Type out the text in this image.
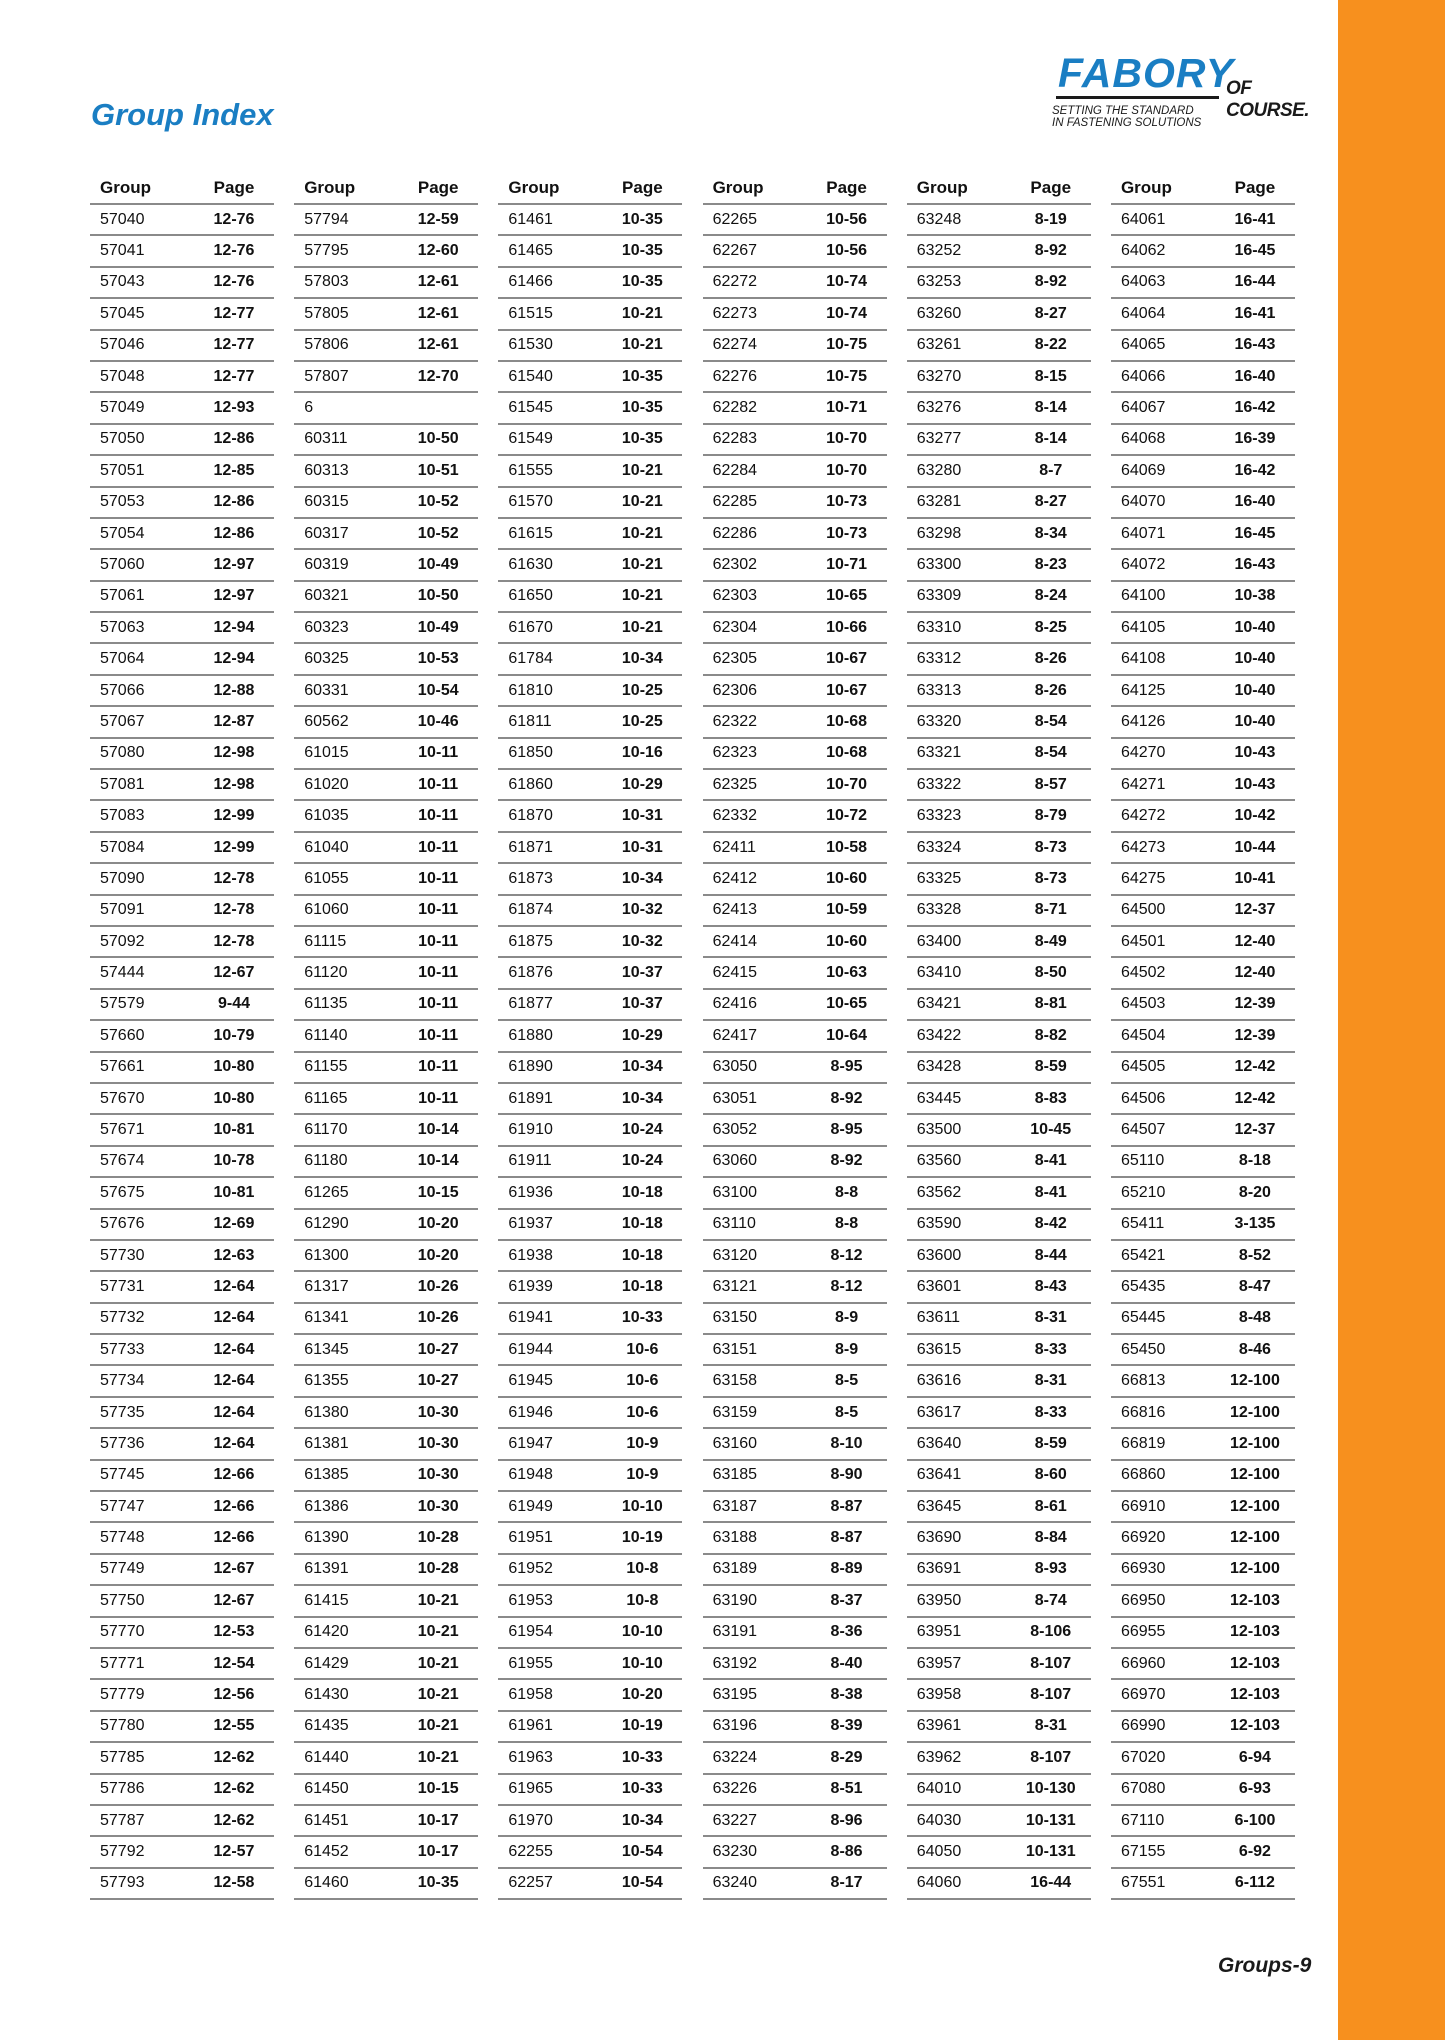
Group Index
FABORY
OF COURSE.
SETTING THE STANDARD
IN FASTENING SOLUTIONS
Group	Page
57040	12-76
57041	12-76
57043	12-76
57045	12-77
57046	12-77
57048	12-77
57049	12-93
57050	12-86
57051	12-85
57053	12-86
57054	12-86
57060	12-97
57061	12-97
57063	12-94
57064	12-94
57066	12-88
57067	12-87
57080	12-98
57081	12-98
57083	12-99
57084	12-99
57090	12-78
57091	12-78
57092	12-78
57444	12-67
57579	9-44
57660	10-79
57661	10-80
57670	10-80
57671	10-81
57674	10-78
57675	10-81
57676	12-69
57730	12-63
57731	12-64
57732	12-64
57733	12-64
57734	12-64
57735	12-64
57736	12-64
57745	12-66
57747	12-66
57748	12-66
57749	12-67
57750	12-67
57770	12-53
57771	12-54
57779	12-56
57780	12-55
57785	12-62
57786	12-62
57787	12-62
57792	12-57
57793	12-58
Group	Page
57794	12-59
57795	12-60
57803	12-61
57805	12-61
57806	12-61
57807	12-70
6
60311	10-50
60313	10-51
60315	10-52
60317	10-52
60319	10-49
60321	10-50
60323	10-49
60325	10-53
60331	10-54
60562	10-46
61015	10-11
61020	10-11
61035	10-11
61040	10-11
61055	10-11
61060	10-11
61115	10-11
61120	10-11
61135	10-11
61140	10-11
61155	10-11
61165	10-11
61170	10-14
61180	10-14
61265	10-15
61290	10-20
61300	10-20
61317	10-26
61341	10-26
61345	10-27
61355	10-27
61380	10-30
61381	10-30
61385	10-30
61386	10-30
61390	10-28
61391	10-28
61415	10-21
61420	10-21
61429	10-21
61430	10-21
61435	10-21
61440	10-21
61450	10-15
61451	10-17
61452	10-17
61460	10-35
Group	Page
61461	10-35
61465	10-35
61466	10-35
61515	10-21
61530	10-21
61540	10-35
61545	10-35
61549	10-35
61555	10-21
61570	10-21
61615	10-21
61630	10-21
61650	10-21
61670	10-21
61784	10-34
61810	10-25
61811	10-25
61850	10-16
61860	10-29
61870	10-31
61871	10-31
61873	10-34
61874	10-32
61875	10-32
61876	10-37
61877	10-37
61880	10-29
61890	10-34
61891	10-34
61910	10-24
61911	10-24
61936	10-18
61937	10-18
61938	10-18
61939	10-18
61941	10-33
61944	10-6
61945	10-6
61946	10-6
61947	10-9
61948	10-9
61949	10-10
61951	10-19
61952	10-8
61953	10-8
61954	10-10
61955	10-10
61958	10-20
61961	10-19
61963	10-33
61965	10-33
61970	10-34
62255	10-54
62257	10-54
Group	Page
62265	10-56
62267	10-56
62272	10-74
62273	10-74
62274	10-75
62276	10-75
62282	10-71
62283	10-70
62284	10-70
62285	10-73
62286	10-73
62302	10-71
62303	10-65
62304	10-66
62305	10-67
62306	10-67
62322	10-68
62323	10-68
62325	10-70
62332	10-72
62411	10-58
62412	10-60
62413	10-59
62414	10-60
62415	10-63
62416	10-65
62417	10-64
63050	8-95
63051	8-92
63052	8-95
63060	8-92
63100	8-8
63110	8-8
63120	8-12
63121	8-12
63150	8-9
63151	8-9
63158	8-5
63159	8-5
63160	8-10
63185	8-90
63187	8-87
63188	8-87
63189	8-89
63190	8-37
63191	8-36
63192	8-40
63195	8-38
63196	8-39
63224	8-29
63226	8-51
63227	8-96
63230	8-86
63240	8-17
Group	Page
63248	8-19
63252	8-92
63253	8-92
63260	8-27
63261	8-22
63270	8-15
63276	8-14
63277	8-14
63280	8-7
63281	8-27
63298	8-34
63300	8-23
63309	8-24
63310	8-25
63312	8-26
63313	8-26
63320	8-54
63321	8-54
63322	8-57
63323	8-79
63324	8-73
63325	8-73
63328	8-71
63400	8-49
63410	8-50
63421	8-81
63422	8-82
63428	8-59
63445	8-83
63500	10-45
63560	8-41
63562	8-41
63590	8-42
63600	8-44
63601	8-43
63611	8-31
63615	8-33
63616	8-31
63617	8-33
63640	8-59
63641	8-60
63645	8-61
63690	8-84
63691	8-93
63950	8-74
63951	8-106
63957	8-107
63958	8-107
63961	8-31
63962	8-107
64010	10-130
64030	10-131
64050	10-131
64060	16-44
Group	Page
64061	16-41
64062	16-45
64063	16-44
64064	16-41
64065	16-43
64066	16-40
64067	16-42
64068	16-39
64069	16-42
64070	16-40
64071	16-45
64072	16-43
64100	10-38
64105	10-40
64108	10-40
64125	10-40
64126	10-40
64270	10-43
64271	10-43
64272	10-42
64273	10-44
64275	10-41
64500	12-37
64501	12-40
64502	12-40
64503	12-39
64504	12-39
64505	12-42
64506	12-42
64507	12-37
65110	8-18
65210	8-20
65411	3-135
65421	8-52
65435	8-47
65445	8-48
65450	8-46
66813	12-100
66816	12-100
66819	12-100
66860	12-100
66910	12-100
66920	12-100
66930	12-100
66950	12-103
66955	12-103
66960	12-103
66970	12-103
66990	12-103
67020	6-94
67080	6-93
67110	6-100
67155	6-92
67551	6-112
Groups-9
